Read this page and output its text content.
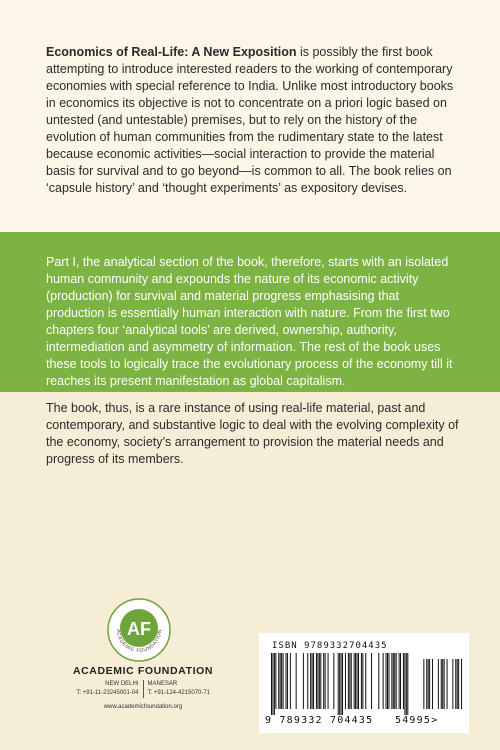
Economics of Real-Life: A New Exposition is possibly the first book attempting to introduce interested readers to the working of contemporary economies with special reference to India. Unlike most introductory books in economics its objective is not to concentrate on a priori logic based on untested (and untestable) premises, but to rely on the history of the evolution of human communities from the rudimentary state to the latest because economic activities—social interaction to provide the material basis for survival and to go beyond—is common to all. The book relies on ‘capsule history’ and ‘thought experiments’ as expository devises.

Part I, the analytical section of the book, therefore, starts with an isolated human community and expounds the nature of its economic activity (production) for survival and material progress emphasising that production is essentially human interaction with nature. From the first two chapters four ‘analytical tools’ are derived, ownership, authority, intermediation and asymmetry of information. The rest of the book uses these tools to logically trace the evolutionary process of the economy till it reaches its present manifestation as global capitalism.

The book, thus, is a rare instance of using real-life material, past and contemporary, and substantive logic to deal with the evolving complexity of the economy, society’s arrangement to provision the material needs and progress of its members.

AF
ACADEMIC FOUNDATION
ACADEMIC FOUNDATION
NEW DELHI	MANESAR
T: +91-11-23245001-04	T: +91-124-4215070-71
www.academicfoundation.org
ISBN 9789332704435
9 789332 704435 54995>
